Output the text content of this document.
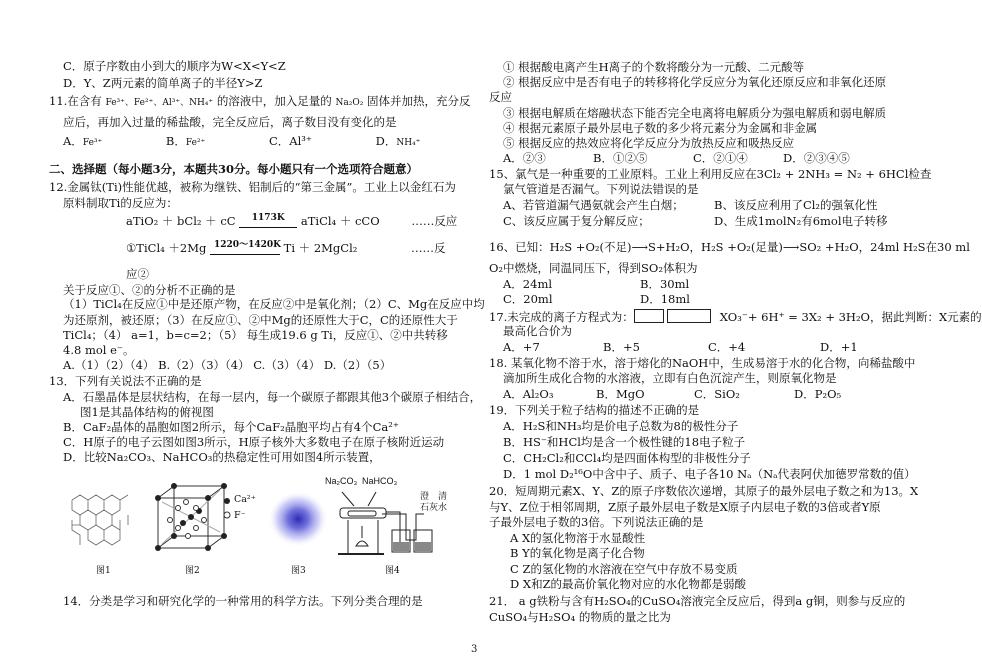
C．原子序数由小到大的顺序为W<X<Y<Z
D．Y、Z两元素的简单离子的半径Y>Z
11.在含有 Fe³⁺、Fe²⁺、Al³⁺、NH₄⁺ 的溶液中，加入足量的 Na₂O₂ 固体并加热，充分反
应后，再加入过量的稀盐酸，完全反应后，离子数目没有变化的是
A．Fe³⁺	B．Fe²⁺	C．Al³⁺	D．NH₄⁺
二、选择题（每小题3分，本题共30分。每小题只有一个选项符合题意）
12.金属钛(Ti)性能优越，被称为继铁、铝制后的“第三金属”。工业上以金红石为
原料制取Ti的反应为：
aTiO₂ ＋ bCl₂ ＋ cC 1173K aTiCl₄ ＋ cCO	……反应
①TiCl₄ ＋2Mg 1220～1420K Ti ＋ 2MgCl₂	……反
应②
关于反应①、②的分析不正确的是
（1）TiCl₄在反应①中是还原产物，在反应②中是氧化剂；（2）C、Mg在反应中均
为还原剂，被还原；（3）在反应①、②中Mg的还原性大于C，C的还原性大于
TiCl₄；（4） a=1，b=c=2；（5） 每生成19.6 g Ti，反应①、②中共转移
4.8 mol e⁻。
A.（1）（2）（4） B.（2）（3）（4） C.（3）（4） D.（2）（5）
13．下列有关说法不正确的是
A．石墨晶体是层状结构，在每一层内，每一个碳原子都跟其他3个碳原子相结合，
图1是其晶体结构的俯视图
B．CaF₂晶体的晶胞如图2所示，每个CaF₂晶胞平均占有4个Ca²⁺
C．H原子的电子云图如图3所示，H原子核外大多数电子在原子核附近运动
D．比较Na₂CO₃、NaHCO₃的热稳定性可用如图4所示装置，
图1
Ca²⁺
F⁻
图2	图3
Na₂CO₃ NaHCO₃
澄　清
石灰水
图4
14．分类是学习和研究化学的一种常用的科学方法。下列分类合理的是
① 根据酸电离产生H离子的个数将酸分为一元酸、二元酸等
② 根据反应中是否有电子的转移将化学反应分为氧化还原反应和非氧化还原
反应
③ 根据电解质在熔融状态下能否完全电离将电解质分为强电解质和弱电解质
④ 根据元素原子最外层电子数的多少将元素分为金属和非金属
⑤ 根据反应的热效应将化学反应分为放热反应和吸热反应
A．②③	B．①②⑤	C．②①④	D．②③④⑤
15、氯气是一种重要的工业原料。工业上利用反应在3Cl₂ + 2NH₃ = N₂ + 6HCl检查
氯气管道是否漏气。下列说法错误的是
A、若管道漏气遇氨就会产生白烟；	B、该反应利用了Cl₂的强氧化性
C、该反应属于复分解反应；	D、生成1molN₂有6mol电子转移
16、已知：H₂S +O₂(不足)⟶S+H₂O，H₂S +O₂(足量)⟶SO₂ +H₂O，24ml H₂S在30 ml
O₂中燃烧，同温同压下，得到SO₂体积为
A．24ml	B．30ml
C．20ml	D．18ml
17.未完成的离子方程式为：	XO₃⁻+ 6H⁺ = 3X₂ + 3H₂O，据此判断：X元素的
最高化合价为
A．+7	B．+5	C．+4	D．+1
18. 某氧化物不溶于水，溶于熔化的NaOH中，生成易溶于水的化合物，向稀盐酸中
滴加所生成化合物的水溶液，立即有白色沉淀产生，则原氧化物是
A．Al₂O₃	B．MgO	C．SiO₂	D．P₂O₅
19．下列关于粒子结构的描述不正确的是
A．H₂S和NH₃均是价电子总数为8的极性分子
B．HS⁻和HCl均是含一个极性键的18电子粒子
C．CH₂Cl₂和CCl₄均是四面体构型的非极性分子
D．1 mol D₂¹⁶O中含中子、质子、电子各10 Nₐ（Nₐ代表阿伏加德罗常数的值）
20．短周期元素X、Y、Z的原子序数依次递增，其原子的最外层电子数之和为13。X
与Y、Z位于相邻周期，Z原子最外层电子数是X原子内层电子数的3倍或者Y原
子最外层电子数的3倍。下列说法正确的是
A X的氢化物溶于水显酸性
B Y的氧化物是离子化合物
C Z的氢化物的水溶液在空气中存放不易变质
D X和Z的最高价氧化物对应的水化物都是弱酸
21． a g铁粉与含有H₂SO₄的CuSO₄溶液完全反应后，得到a g铜，则参与反应的
CuSO₄与H₂SO₄ 的物质的量之比为
3
